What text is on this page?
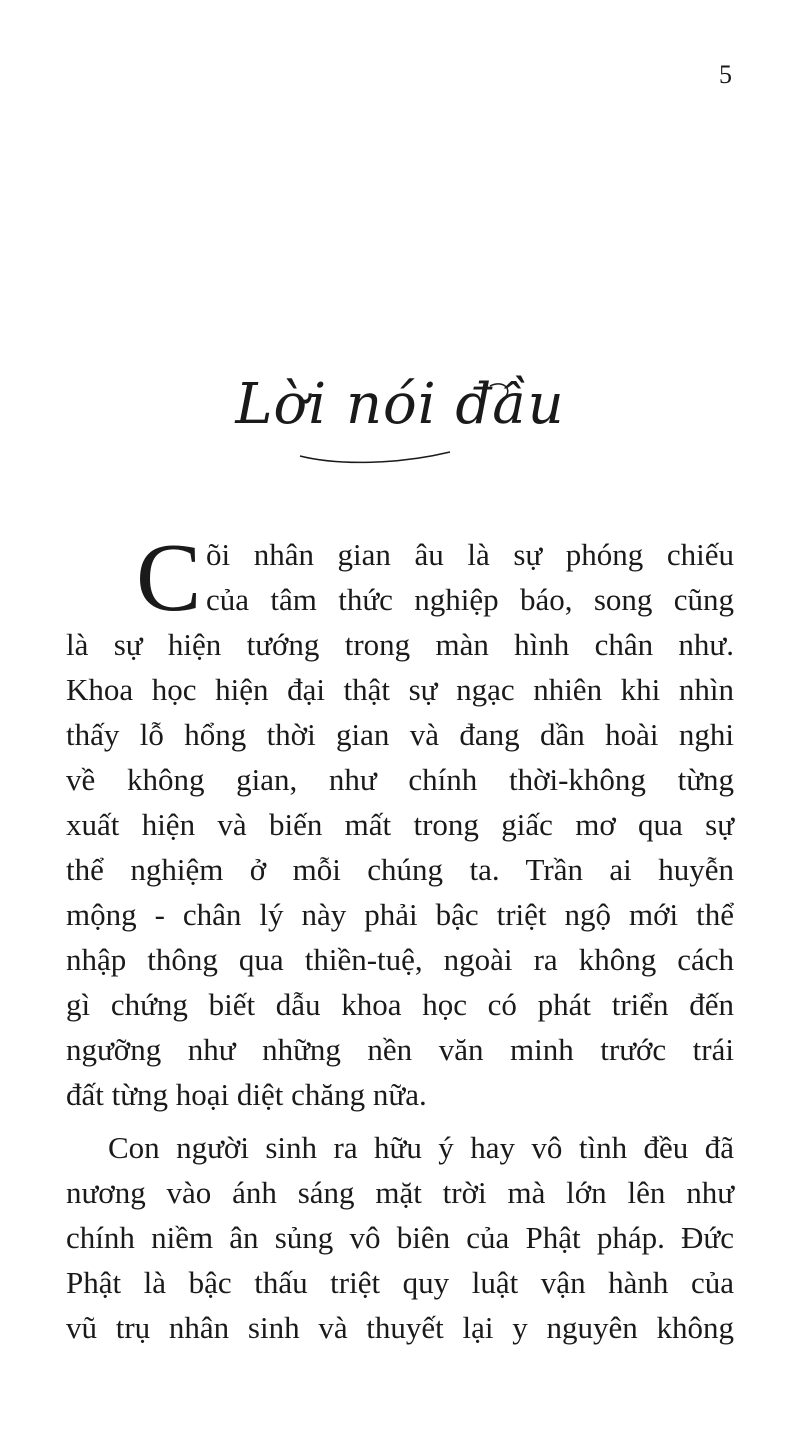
5
Lời nói đầu
C õi nhân gian âu là sự phóng chiếu
của tâm thức nghiệp báo, song cũng
là sự hiện tướng trong màn hình chân như.
Khoa học hiện đại thật sự ngạc nhiên khi nhìn
thấy lỗ hổng thời gian và đang dần hoài nghi
về không gian, như chính thời-không từng
xuất hiện và biến mất trong giấc mơ qua sự
thể nghiệm ở mỗi chúng ta. Trần ai huyễn
mộng - chân lý này phải bậc triệt ngộ mới thể
nhập thông qua thiền-tuệ, ngoài ra không cách
gì chứng biết dẫu khoa học có phát triển đến
ngưỡng như những nền văn minh trước trái
đất từng hoại diệt chăng nữa.
Con người sinh ra hữu ý hay vô tình đều đã
nương vào ánh sáng mặt trời mà lớn lên như
chính niềm ân sủng vô biên của Phật pháp. Đức
Phật là bậc thấu triệt quy luật vận hành của
vũ trụ nhân sinh và thuyết lại y nguyên không
